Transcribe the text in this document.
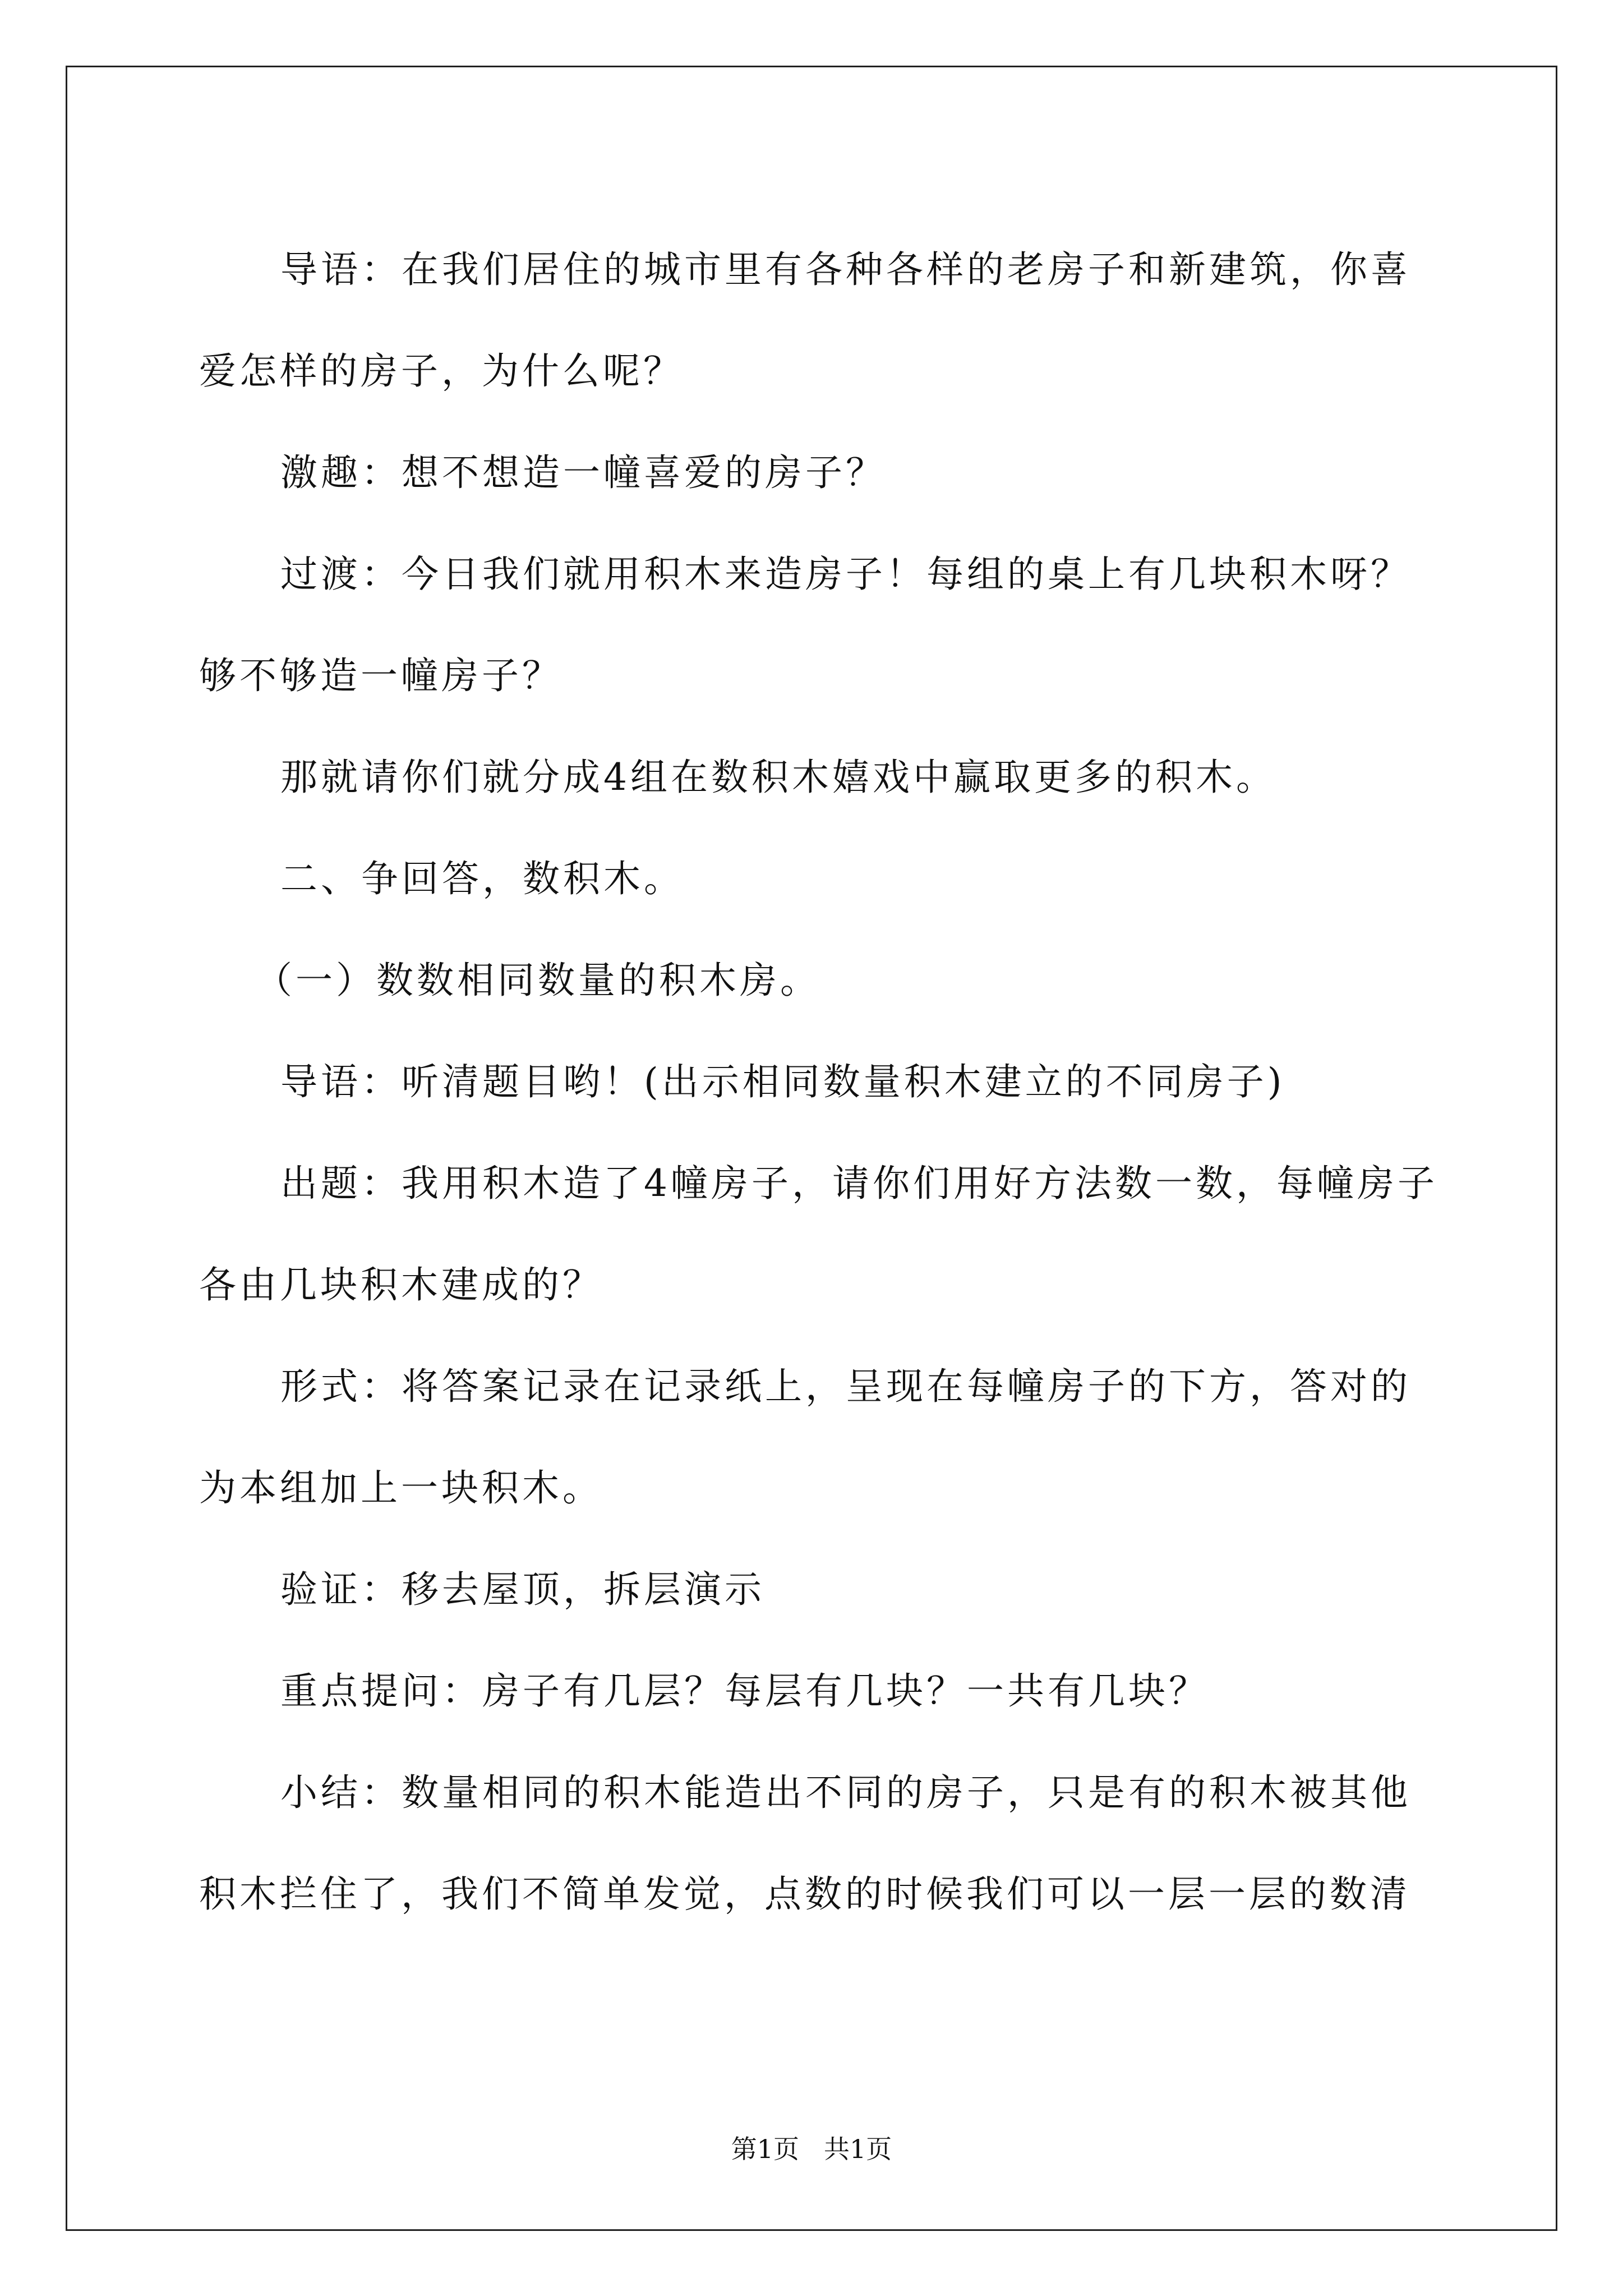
导语：在我们居住的城市里有各种各样的老房子和新建筑，你喜爱怎样的房子，为什么呢？

激趣：想不想造一幢喜爱的房子？

过渡：今日我们就用积木来造房子！每组的桌上有几块积木呀？够不够造一幢房子？

那就请你们就分成4组在数积木嬉戏中赢取更多的积木。

二、争回答，数积木。

（一）数数相同数量的积木房。

导语：听清题目哟！(出示相同数量积木建立的不同房子)

出题：我用积木造了4幢房子，请你们用好方法数一数，每幢房子各由几块积木建成的？

形式：将答案记录在记录纸上，呈现在每幢房子的下方，答对的为本组加上一块积木。

验证：移去屋顶，拆层演示

重点提问：房子有几层？每层有几块？一共有几块？

小结：数量相同的积木能造出不同的房子，只是有的积木被其他积木拦住了，我们不简单发觉，点数的时候我们可以一层一层的数清

第1页 共1页
